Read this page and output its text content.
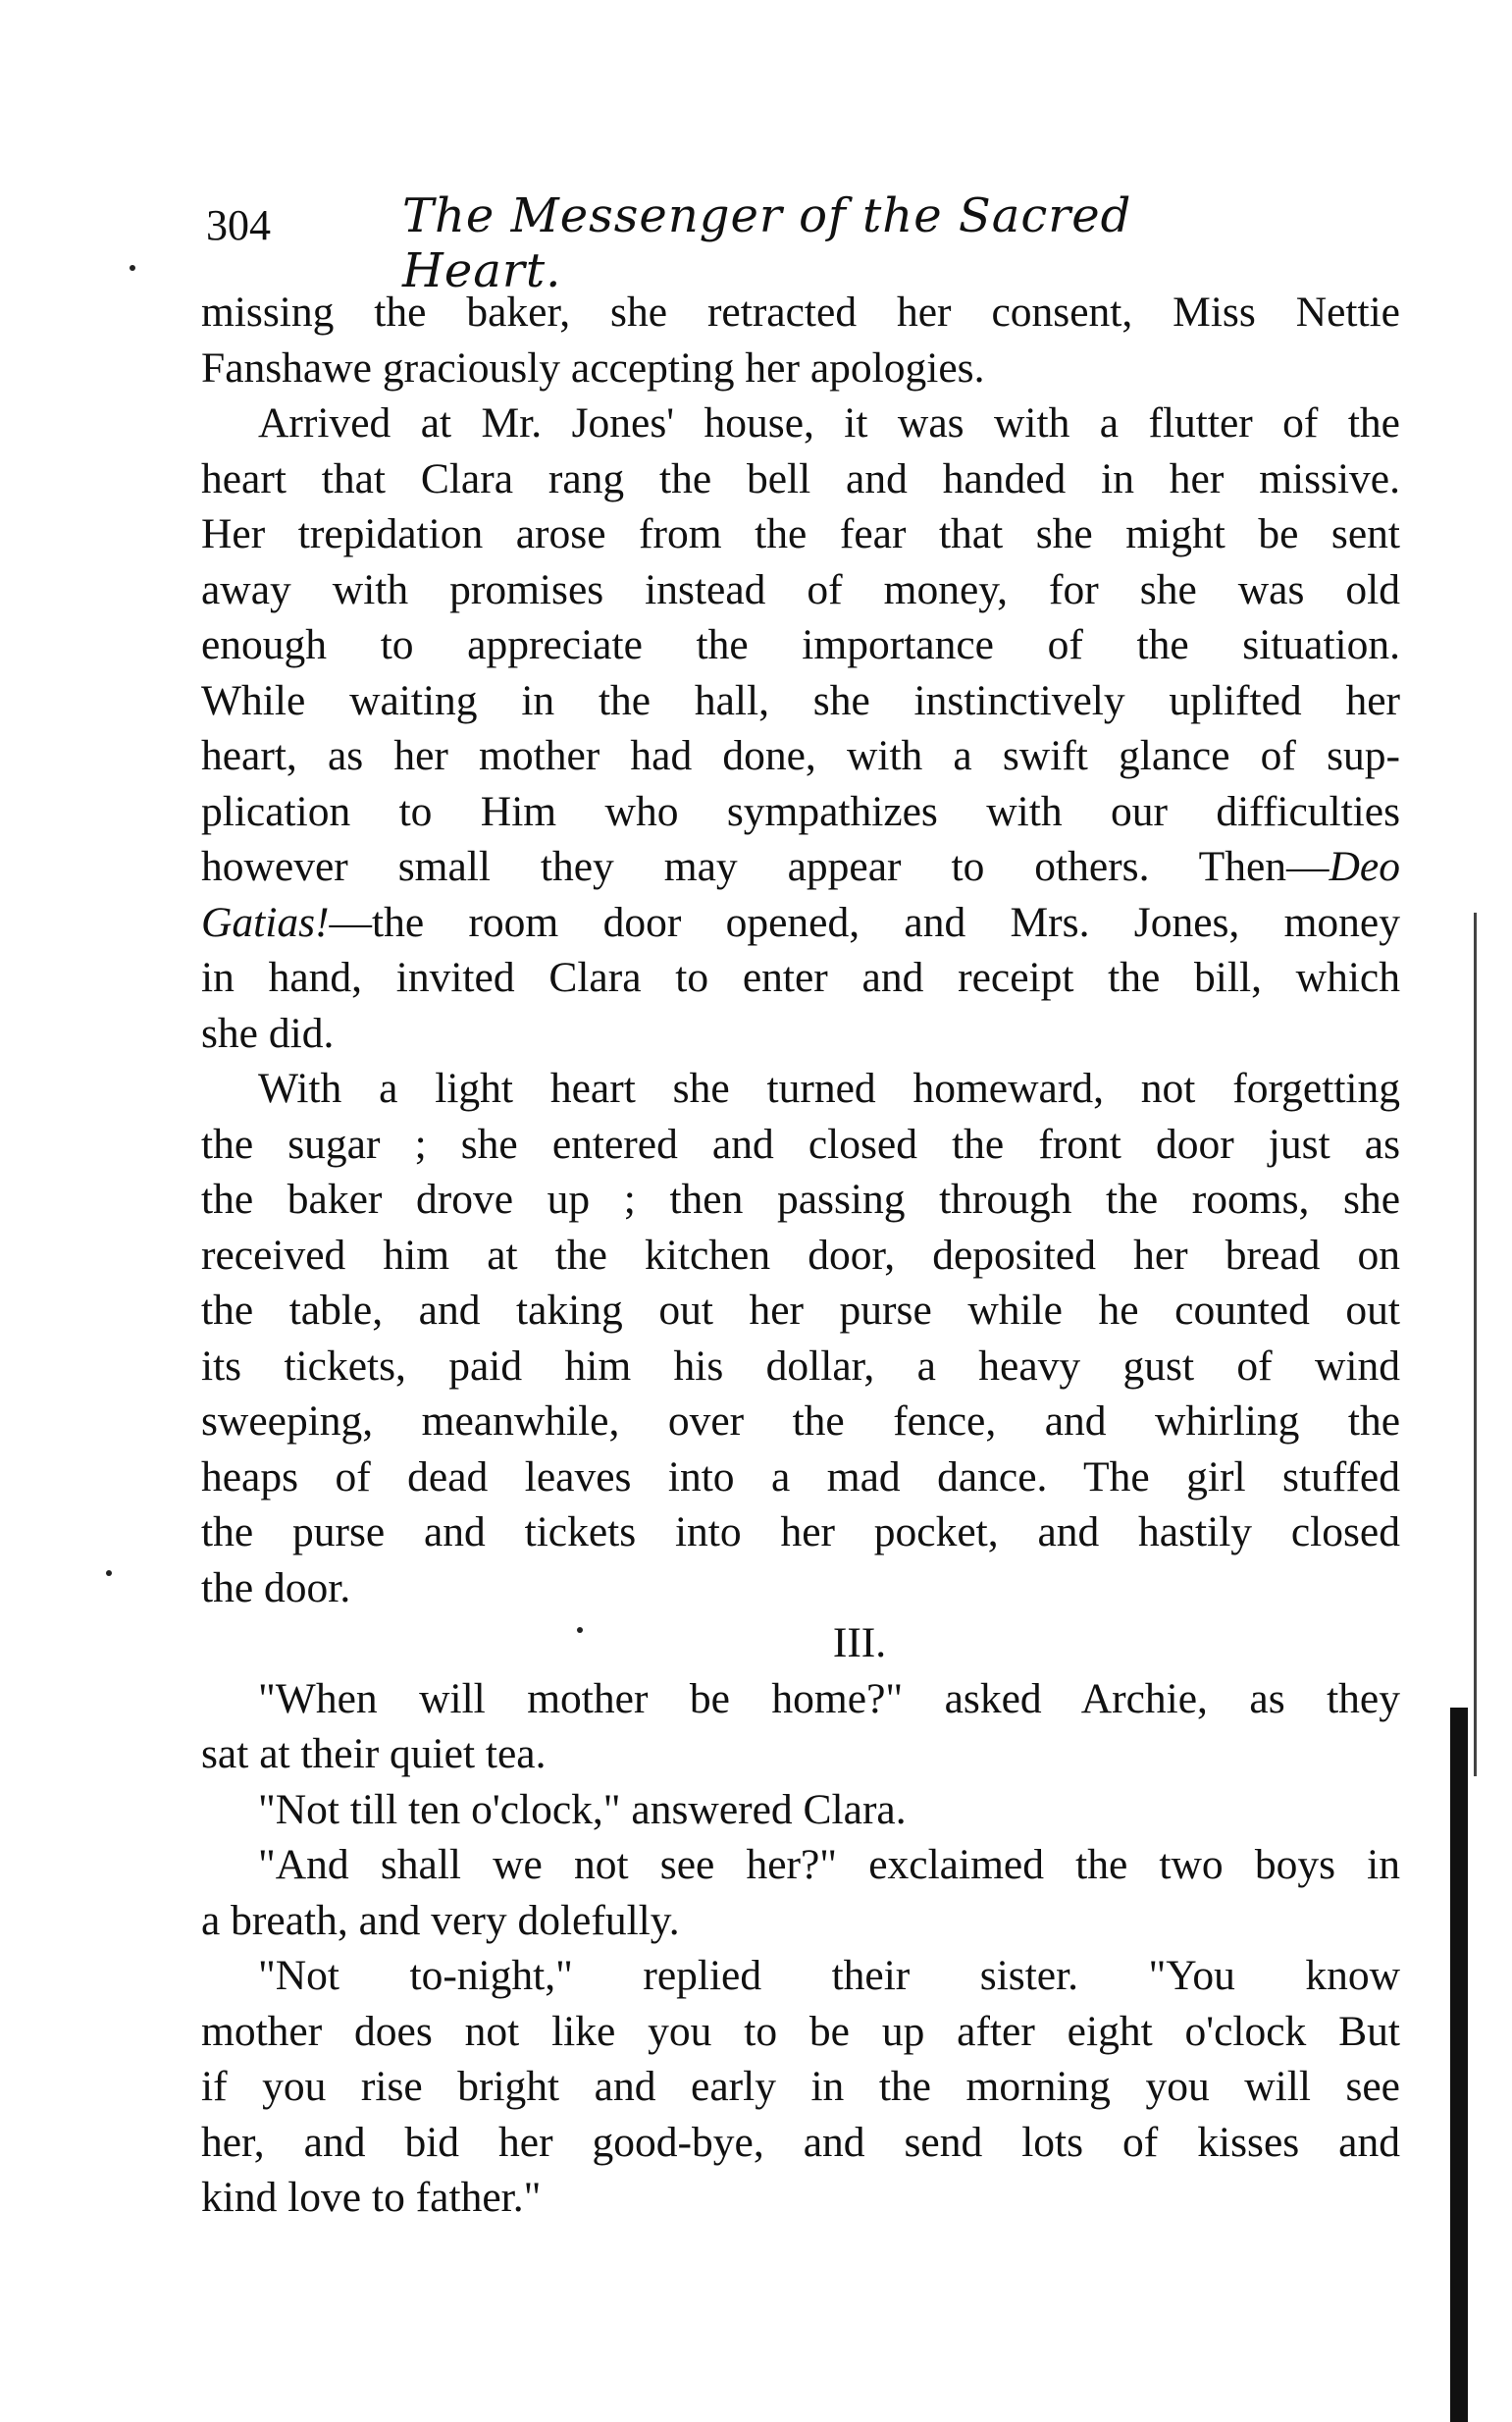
304	The Messenger of the Sacred Heart.
missing the baker, she retracted her consent, Miss Nettie
Fanshawe graciously accepting her apologies.
Arrived at Mr. Jones' house, it was with a flutter of the
heart that Clara rang the bell and handed in her missive.
Her trepidation arose from the fear that she might be sent
away with promises instead of money, for she was old
enough to appreciate the importance of the situation.
While waiting in the hall, she instinctively uplifted her
heart, as her mother had done, with a swift glance of sup-
plication to Him who sympathizes with our difficulties
however small they may appear to others. Then—Deo
Gatias!—the room door opened, and Mrs. Jones, money
in hand, invited Clara to enter and receipt the bill, which
she did.
With a light heart she turned homeward, not forgetting
the sugar ; she entered and closed the front door just as
the baker drove up ; then passing through the rooms, she
received him at the kitchen door, deposited her bread on
the table, and taking out her purse while he counted out
its tickets, paid him his dollar, a heavy gust of wind
sweeping, meanwhile, over the fence, and whirling the
heaps of dead leaves into a mad dance. The girl stuffed
the purse and tickets into her pocket, and hastily closed
the door.
III.
"When will mother be home?" asked Archie, as they
sat at their quiet tea.
"Not till ten o'clock," answered Clara.
"And shall we not see her?" exclaimed the two boys in
a breath, and very dolefully.
"Not to-night," replied their sister. "You know
mother does not like you to be up after eight o'clock But
if you rise bright and early in the morning you will see
her, and bid her good-bye, and send lots of kisses and
kind love to father."
